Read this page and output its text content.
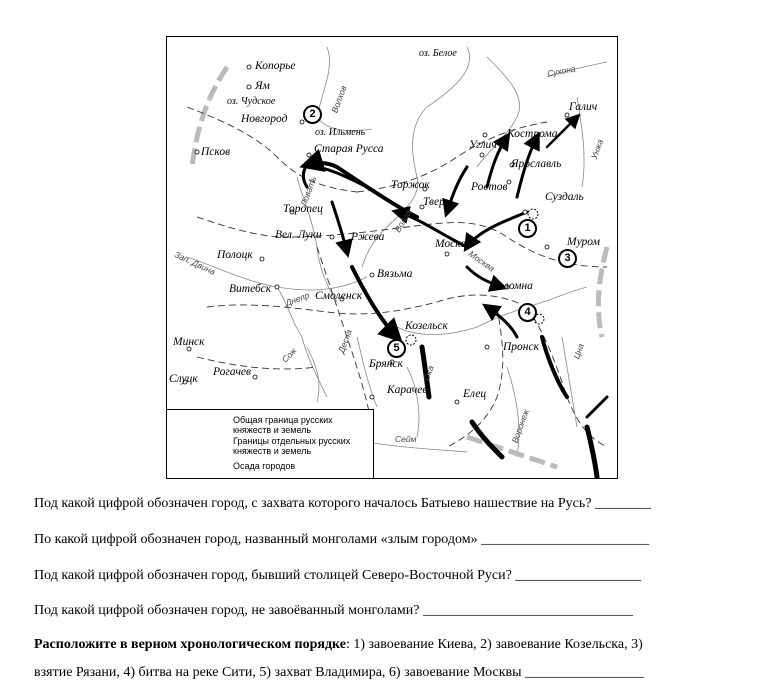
Копорье
Ям
Новгород
Псков	Старая Русса
Торжок
Тверь
Торопец
Вел. Луки	Ржева
Полоцк
Витебск
Смоленск
Вязьма
Минск
Слуцк
Рогачев
Козельск
Брянск
Карачев	Елец
Москва
Коломна
Пронск
Муром
Суздаль
Ростов
Углич
Ярославль
Кострома
Галич
оз. Белое
оз. Чудское
оз. Ильмень
Волхов
Сухона
Унжа
Ловать
Волга
Зап. Двина
Днепр
Сож
Десна
Ока
Москва
Воронеж
Цна
Сейм
1
2
3
4
5
Общая граница русских княжеств и земель
Границы отдельных русских княжеств и земель
Осада городов
Под какой цифрой обозначен город, с захвата которого началось Батыево нашествие на Русь? ________
По какой цифрой обозначен город, названный монголами «злым городом» ________________________
Под какой цифрой обозначен город, бывший столицей Северо-Восточной Руси? __________________
Под какой цифрой обозначен город, не завоёванный монголами? ______________________________
Расположите в верном хронологическом порядке: 1) завоевание Киева, 2) завоевание Козельска, 3)
взятие Рязани, 4) битва на реке Сити, 5) захват Владимира, 6) завоевание Москвы _________________
